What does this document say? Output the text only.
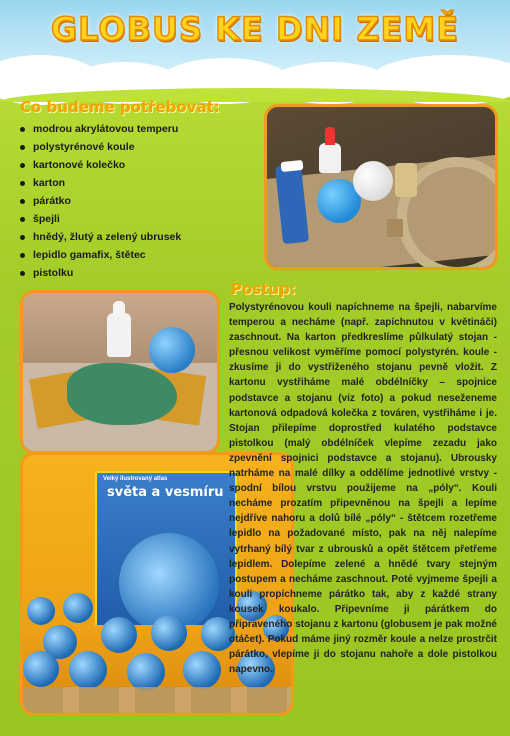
GLOBUS KE DNI ZEMĚ
Co budeme potřebovat:
modrou akrylátovou temperu
polystyrénové koule
kartonové kolečko
karton
párátko
špejli
hnědý, žlutý a zelený ubrusek
lepidlo gamafix, štětec
pistolku
Postup:
Velký ilustrovaný atlas
světa a vesmíru
Polystyrénovou kouli napíchneme na špejli, nabarvíme temperou a necháme (např. zapíchnutou v květináči) zaschnout. Na karton předkreslíme půlkulatý stojan - přesnou velikost vyměříme pomocí polystyrén. koule - zkusíme ji do vystřiženého stojanu pevně vložit. Z kartonu vystřiháme malé obdélníčky – spojnice podstavce a stojanu (viz foto) a pokud neseženeme kartonová odpadová kolečka z továren, vystřiháme i je. Stojan přilepíme doprostřed kulatého podstavce pistolkou (malý obdélníček vlepíme zezadu jako zpevnění spojnici podstavce a stojanu). Ubrousky natrháme na malé dílky a oddělíme jednotlivé vrstvy - spodní bílou vrstvu použijeme na „póly“. Kouli necháme prozatím připevněnou na špejli a lepíme nejdříve nahoru a dolů bílé „póly“ - štětcem rozetřeme lepidlo na požadované místo, pak na něj nalepíme vytrhaný bílý tvar z ubrousků a opět štětcem přetřeme lepidlem. Dolepíme zelené a hnědé tvary stejným postupem a necháme zaschnout. Poté vyjmeme špejli a kouli propíchneme párátko tak, aby z každé strany kousek koukalo. Připevníme ji párátkem do připraveného stojanu z kartonu (globusem je pak možné otáčet). Pokud máme jiný rozměr koule a nelze prostrčit párátko, vlepíme ji do stojanu nahoře a dole pistolkou napevno.
